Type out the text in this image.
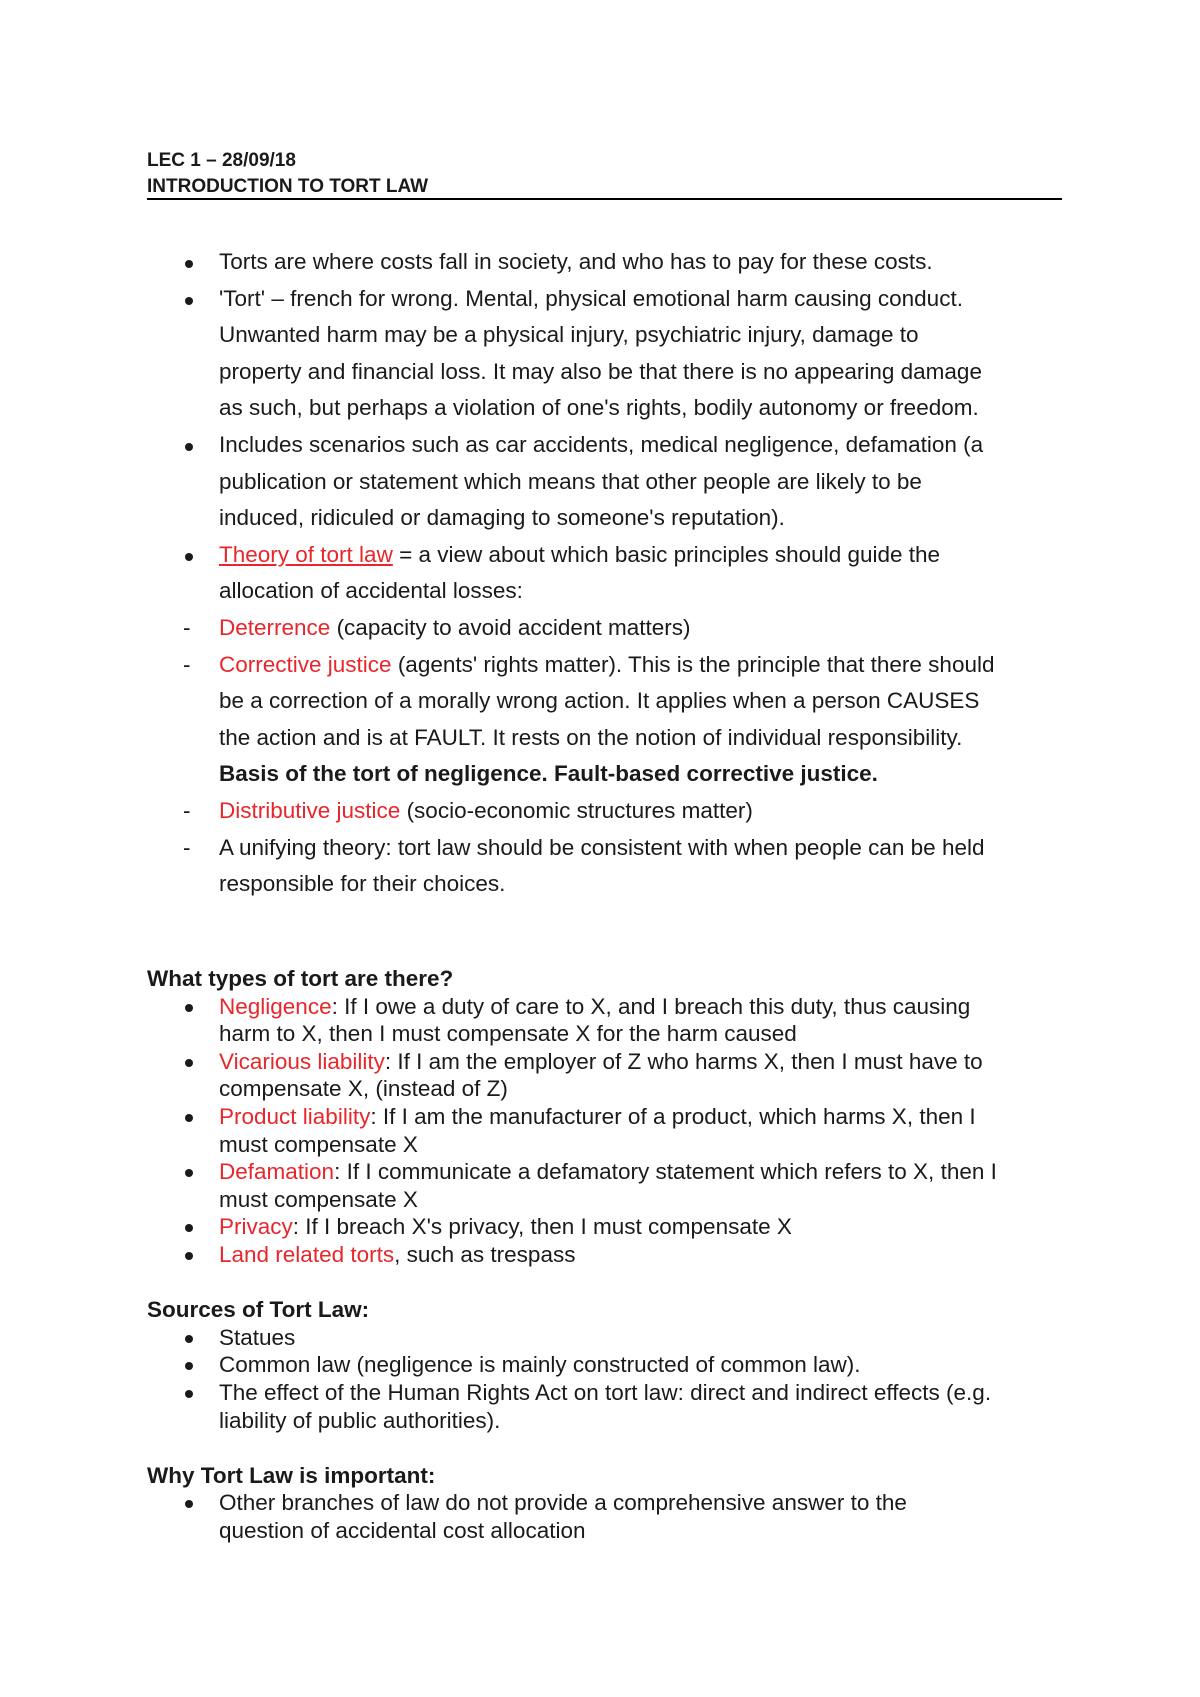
LEC 1 – 28/09/18
INTRODUCTION TO TORT LAW
Torts are where costs fall in society, and who has to pay for these costs.
'Tort' – french for wrong. Mental, physical emotional harm causing conduct.
Unwanted harm may be a physical injury, psychiatric injury, damage to
property and financial loss. It may also be that there is no appearing damage
as such, but perhaps a violation of one's rights, bodily autonomy or freedom.
Includes scenarios such as car accidents, medical negligence, defamation (a
publication or statement which means that other people are likely to be
induced, ridiculed or damaging to someone's reputation).
Theory of tort law = a view about which basic principles should guide the
allocation of accidental losses:
- Deterrence (capacity to avoid accident matters)
- Corrective justice (agents' rights matter). This is the principle that there should
be a correction of a morally wrong action. It applies when a person CAUSES
the action and is at FAULT. It rests on the notion of individual responsibility.
Basis of the tort of negligence. Fault-based corrective justice.
- Distributive justice (socio-economic structures matter)
- A unifying theory: tort law should be consistent with when people can be held
responsible for their choices.
What types of tort are there?
Negligence: If I owe a duty of care to X, and I breach this duty, thus causing
harm to X, then I must compensate X for the harm caused
Vicarious liability: If I am the employer of Z who harms X, then I must have to
compensate X, (instead of Z)
Product liability: If I am the manufacturer of a product, which harms X, then I
must compensate X
Defamation: If I communicate a defamatory statement which refers to X, then I
must compensate X
Privacy: If I breach X's privacy, then I must compensate X
Land related torts, such as trespass
Sources of Tort Law:
Statues
Common law (negligence is mainly constructed of common law).
The effect of the Human Rights Act on tort law: direct and indirect effects (e.g.
liability of public authorities).
Why Tort Law is important:
Other branches of law do not provide a comprehensive answer to the
question of accidental cost allocation
